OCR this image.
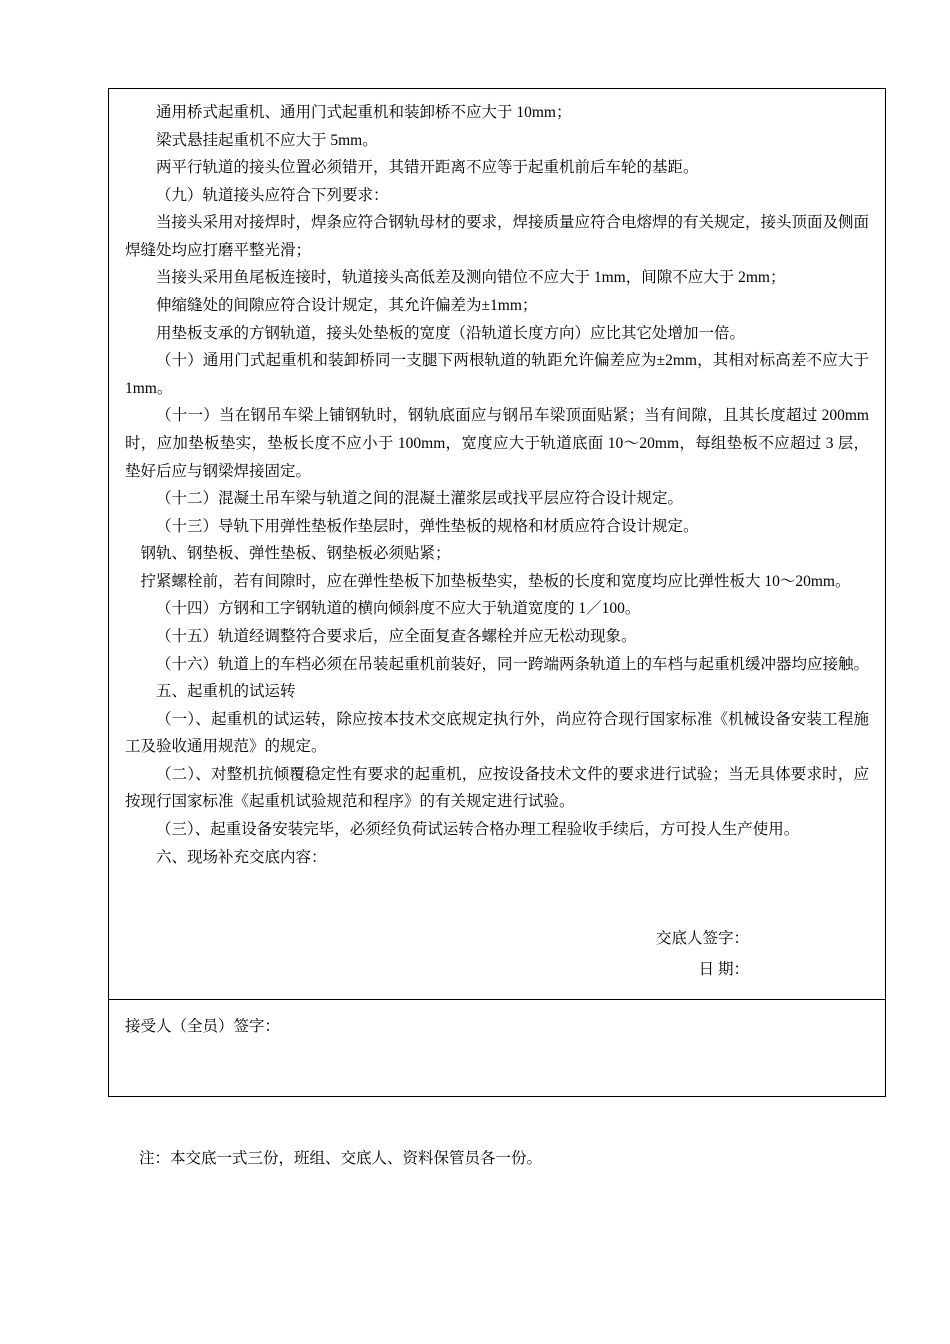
通用桥式起重机、通用门式起重机和装卸桥不应大于 10mm；

梁式悬挂起重机不应大于 5mm。

两平行轨道的接头位置必须错开，其错开距离不应等于起重机前后车轮的基距。

（九）轨道接头应符合下列要求：

当接头采用对接焊时，焊条应符合钢轨母材的要求，焊接质量应符合电熔焊的有关规定，接头顶面及侧面焊缝处均应打磨平整光滑；

当接头采用鱼尾板连接时，轨道接头高低差及测向错位不应大于 1mm，间隙不应大于 2mm；

伸缩缝处的间隙应符合设计规定，其允许偏差为±1mm；

用垫板支承的方钢轨道，接头处垫板的宽度（沿轨道长度方向）应比其它处增加一倍。

（十）通用门式起重机和装卸桥同一支腿下两根轨道的轨距允许偏差应为±2mm，其相对标高差不应大于 1mm。

（十一）当在钢吊车梁上铺钢轨时，钢轨底面应与钢吊车梁顶面贴紧；当有间隙，且其长度超过 200mm 时，应加垫板垫实，垫板长度不应小于 100mm，宽度应大于轨道底面 10～20mm，每组垫板不应超过 3 层，垫好后应与钢梁焊接固定。

（十二）混凝土吊车梁与轨道之间的混凝土灌浆层或找平层应符合设计规定。

（十三）导轨下用弹性垫板作垫层时，弹性垫板的规格和材质应符合设计规定。

钢轨、钢垫板、弹性垫板、钢垫板必须贴紧；

拧紧螺栓前，若有间隙时，应在弹性垫板下加垫板垫实，垫板的长度和宽度均应比弹性板大 10～20mm。

（十四）方钢和工字钢轨道的横向倾斜度不应大于轨道宽度的 1／100。

（十五）轨道经调整符合要求后，应全面复查各螺栓并应无松动现象。

（十六）轨道上的车档必须在吊装起重机前装好，同一跨端两条轨道上的车档与起重机缓冲器均应接触。

五、起重机的试运转

（一）、起重机的试运转，除应按本技术交底规定执行外，尚应符合现行国家标准《机械设备安装工程施工及验收通用规范》的规定。

（二）、对整机抗倾覆稳定性有要求的起重机，应按设备技术文件的要求进行试验；当无具体要求时，应按现行国家标准《起重机试验规范和程序》的有关规定进行试验。

（三）、起重设备安装完毕，必须经负荷试运转合格办理工程验收手续后，方可投人生产使用。

六、现场补充交底内容：

交底人签字：
日 期：
接受人（全员）签字：
注：本交底一式三份，班组、交底人、资料保管员各一份。
